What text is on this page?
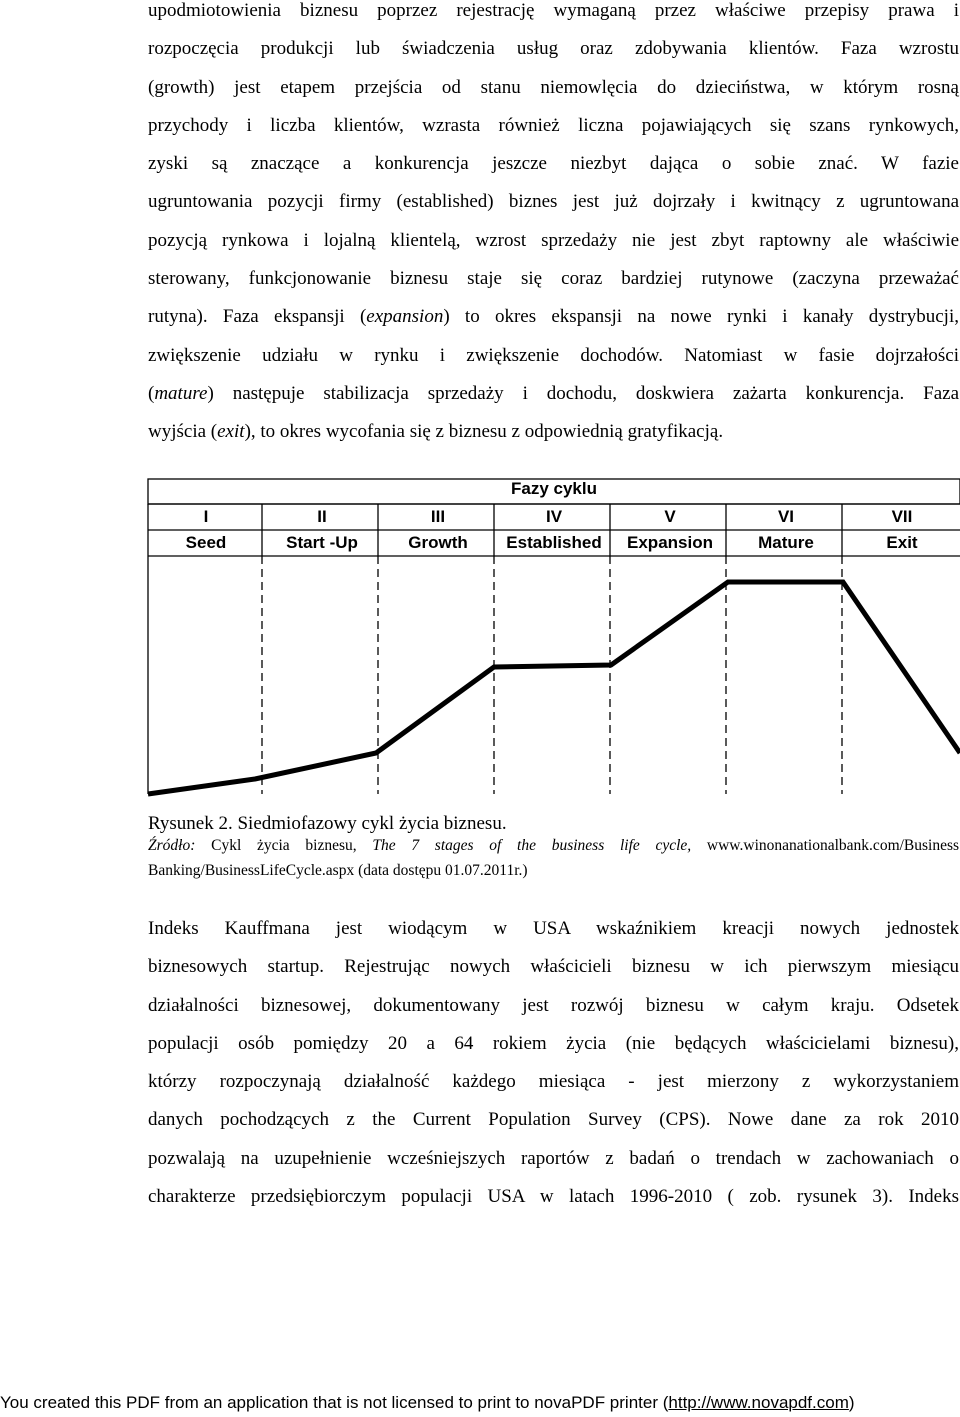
upodmiotowienia biznesu poprzez rejestrację wymaganą przez właściwe przepisy prawa i
rozpoczęcia produkcji lub świadczenia usług oraz zdobywania klientów. Faza wzrostu
(growth) jest etapem przejścia od stanu niemowlęcia do dzieciństwa, w którym rosną
przychody i liczba klientów, wzrasta również liczna pojawiających się szans rynkowych,
zyski są znaczące a konkurencja jeszcze niezbyt dająca o sobie znać. W fazie
ugruntowania pozycji firmy (established) biznes jest już dojrzały i kwitnący z ugruntowana
pozycją rynkowa i lojalną klientelą, wzrost sprzedaży nie jest zbyt raptowny ale właściwie
sterowany, funkcjonowanie biznesu staje się coraz bardziej rutynowe (zaczyna przeważać
rutyna). Faza ekspansji (expansion) to okres ekspansji na nowe rynki i kanały dystrybucji,
zwiększenie udziału w rynku i zwiększenie dochodów. Natomiast w fasie dojrzałości
(mature) następuje stabilizacja sprzedaży i dochodu, doskwiera zażarta konkurencja. Faza
wyjścia (exit), to okres wycofania się z biznesu z odpowiednią gratyfikacją.
Fazy cyklu
I
Seed
II
Start -Up
III
Growth
IV
Established
V
Expansion
VI
Mature
VII
Exit
Rysunek 2. Siedmiofazowy cykl życia biznesu.
Źródło: Cykl życia biznesu, The 7 stages of the business life cycle, www.winonanationalbank.com/Business
Banking/BusinessLifeCycle.aspx (data dostępu 01.07.2011r.)
Indeks Kauffmana jest wiodącym w USA wskaźnikiem kreacji nowych jednostek
biznesowych startup. Rejestrując nowych właścicieli biznesu w ich pierwszym miesiącu
działalności biznesowej, dokumentowany jest rozwój biznesu w całym kraju. Odsetek
populacji osób pomiędzy 20 a 64 rokiem życia (nie będących właścicielami biznesu),
którzy rozpoczynają działalność każdego miesiąca - jest mierzony z wykorzystaniem
danych pochodzących z the Current Population Survey (CPS). Nowe dane za rok 2010
pozwalają na uzupełnienie wcześniejszych raportów z badań o trendach w zachowaniach o
charakterze przedsiębiorczym populacji USA w latach 1996-2010 ( zob. rysunek 3). Indeks
You created this PDF from an application that is not licensed to print to novaPDF printer (http://www.novapdf.com)
